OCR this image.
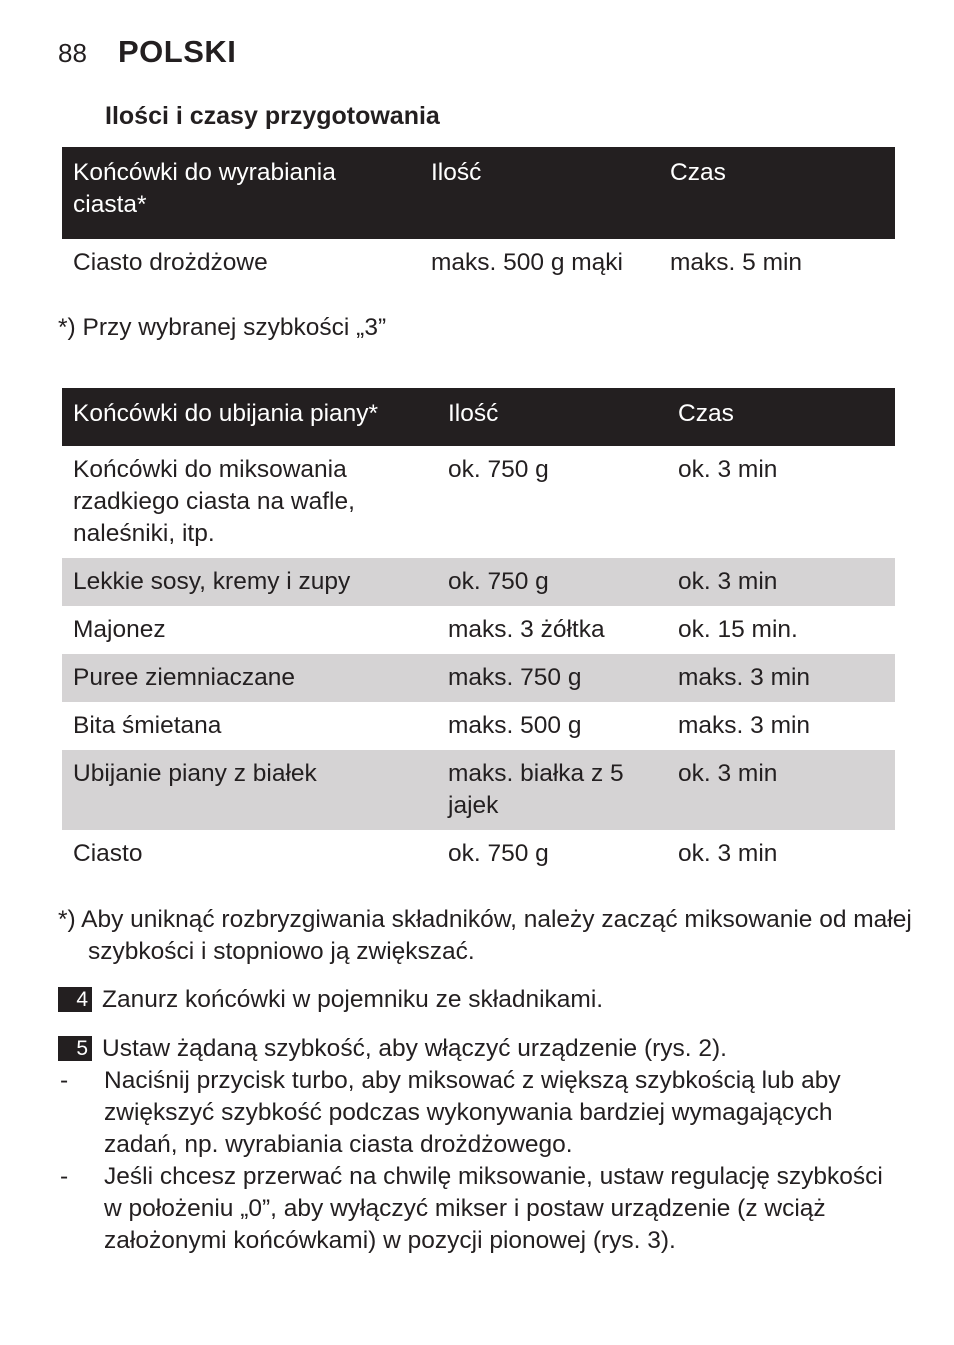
88 POLSKI
Ilości i czasy przygotowania
Końcówki do wyrabiania ciasta*	Ilość	Czas
Ciasto drożdżowe	maks. 500 g mąki	maks. 5 min
*) Przy wybranej szybkości „3”
Końcówki do ubijania piany*	Ilość	Czas
Końcówki do miksowania rzadkiego ciasta na wafle, naleśniki, itp.	ok. 750 g	ok. 3 min
Lekkie sosy, kremy i zupy	ok. 750 g	ok. 3 min
Majonez	maks. 3 żółtka	ok. 15 min.
Puree ziemniaczane	maks. 750 g	maks. 3 min
Bita śmietana	maks. 500 g	maks. 3 min
Ubijanie piany z białek	maks. białka z 5 jajek	ok. 3 min
Ciasto	ok. 750 g	ok. 3 min
*) Aby uniknąć rozbryzgiwania składników, należy zacząć miksowanie od małej szybkości i stopniowo ją zwiększać.
4 Zanurz końcówki w pojemniku ze składnikami.
5 Ustaw żądaną szybkość, aby włączyć urządzenie (rys. 2).
- Naciśnij przycisk turbo, aby miksować z większą szybkością lub aby zwiększyć szybkość podczas wykonywania bardziej wymagających zadań, np. wyrabiania ciasta drożdżowego.
- Jeśli chcesz przerwać na chwilę miksowanie, ustaw regulację szybkości w położeniu „0”, aby wyłączyć mikser i postaw urządzenie (z wciąż założonymi końcówkami) w pozycji pionowej (rys. 3).
